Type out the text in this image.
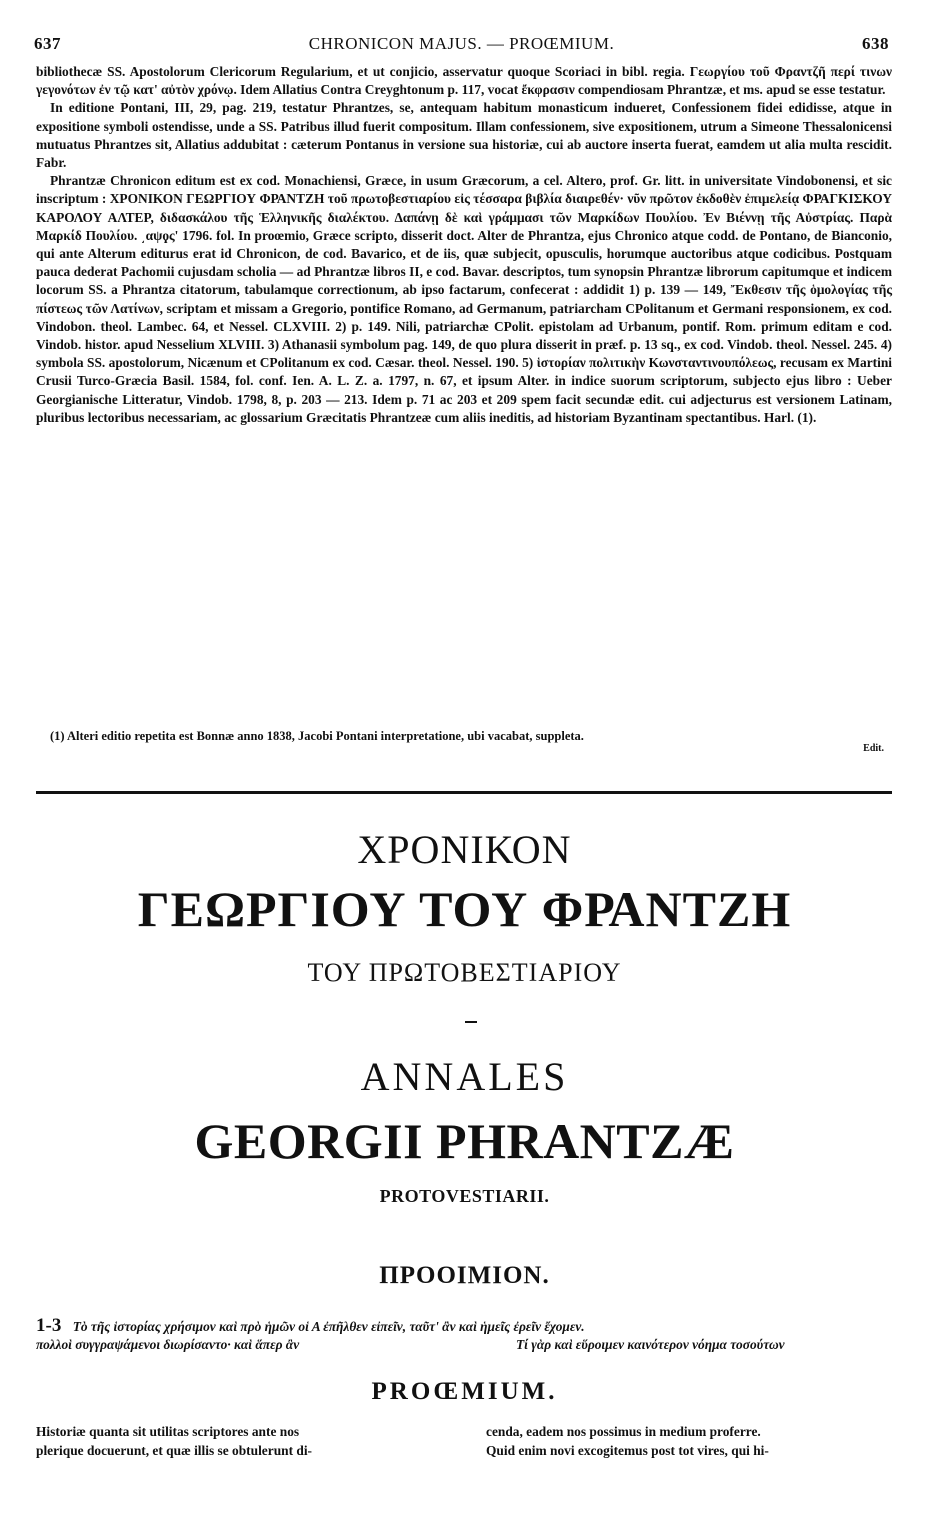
637	CHRONICON MAJUS. — PROŒMIUM.	638

bibliothecæ SS. Apostolorum Clericorum Regularium, et ut conjicio, asservatur quoque Scoriaci in bibl. regia. Γεωργίου τοῦ Φραντζῆ περί τινων γεγονότων ἐν τῷ κατ' αὐτὸν χρόνῳ. Idem Allatius Contra Creyghtonum p. 117, vocat ἔκφρασιν compendiosam Phrantzæ, et ms. apud se esse testatur.

In editione Pontani, III, 29, pag. 219, testatur Phrantzes, se, antequam habitum monasticum indueret, Confessionem fidei edidisse, atque in expositione symboli ostendisse, unde a SS. Patribus illud fuerit compositum. Illam confessionem, sive expositionem, utrum a Simeone Thessalonicensi mutuatus Phrantzes sit, Allatius addubitat : cæterum Pontanus in versione sua historiæ, cui ab auctore inserta fuerat, eamdem ut alia multa rescidit. Fabr.

Phrantzæ Chronicon editum est ex cod. Monachiensi, Græce, in usum Græcorum, a cel. Altero, prof. Gr. litt. in universitate Vindobonensi, et sic inscriptum : ΧΡΟΝΙΚΟΝ ΓΕΩΡΓΙΟΥ ΦΡΑΝΤΖΗ τοῦ πρωτοβεστιαρίου εἰς τέσσαρα βιβλία διαιρεθέν· νῦν πρῶτον ἐκδοθὲν ἐπιμελείᾳ ΦΡΑΓΚΙΣΚΟΥ ΚΑΡΟΛΟΥ ΑΛΤΕΡ, διδασκάλου τῆς Ἑλληνικῆς διαλέκτου. Δαπάνῃ δὲ καὶ γράμμασι τῶν Μαρκίδων Πουλίου. Ἐν Βιέννῃ τῆς Αὐστρίας. Παρὰ Μαρκίδ Πουλίου. ͵αψϙς' 1796. fol. In proœmio, Græce scripto, disserit doct. Alter de Phrantza, ejus Chronico atque codd. de Pontano, de Bianconio, qui ante Alterum editurus erat id Chronicon, de cod. Bavarico, et de iis, quæ subjecit, opusculis, horumque auctoribus atque codicibus. Postquam pauca dederat Pachomii cujusdam scholia — ad Phrantzæ libros II, e cod. Bavar. descriptos, tum synopsin Phrantzæ librorum capitumque et indicem locorum SS. a Phrantza citatorum, tabulamque correctionum, ab ipso factarum, confecerat : addidit 1) p. 139 — 149, Ἔκθεσιν τῆς ὁμολογίας τῆς πίστεως τῶν Λατίνων, scriptam et missam a Gregorio, pontifice Romano, ad Germanum, patriarcham CPolitanum et Germani responsionem, ex cod. Vindobon. theol. Lambec. 64, et Nessel. CLXVIII. 2) p. 149. Nili, patriarchæ CPolit. epistolam ad Urbanum, pontif. Rom. primum editam e cod. Vindob. histor. apud Nesselium XLVIII. 3) Athanasii symbolum pag. 149, de quo plura disserit in præf. p. 13 sq., ex cod. Vindob. theol. Nessel. 245. 4) symbola SS. apostolorum, Nicænum et CPolitanum ex cod. Cæsar. theol. Nessel. 190. 5) ἱστορίαν πολιτικὴν Κωνσταντινουπόλεως, recusam ex Martini Crusii Turco-Græcia Basil. 1584, fol. conf. Ien. A. L. Z. a. 1797, n. 67, et ipsum Alter. in indice suorum scriptorum, subjecto ejus libro : Ueber Georgianische Litteratur, Vindob. 1798, 8, p. 203 — 213. Idem p. 71 ac 203 et 209 spem facit secundæ edit. cui adjecturus est versionem Latinam, pluribus lectoribus necessariam, ac glossarium Græcitatis Phrantzeæ cum aliis ineditis, ad historiam Byzantinam spectantibus. Harl. (1).

(1) Alteri editio repetita est Bonnæ anno 1838, Jacobi Pontani interpretatione, ubi vacabat, suppleta.

Edit.
ΧΡΟΝΙΚΟΝ
ΓΕΩΡΓΙΟΥ ΤΟΥ ΦΡΑΝΤΖΗ
ΤΟΥ ΠΡΩΤΟΒΕΣΤΙΑΡΙΟΥ
ANNALES
GEORGII PHRANTZÆ
PROTOVESTIARII.
ΠΡΟΟΙΜΙΟΝ.
1-3 Τὸ τῆς ἱστορίας χρήσιμον καὶ πρὸ ἡμῶν οἱ Α ἐπῆλθεν εἰπεῖν, ταῦτ' ἂν καὶ ἡμεῖς ἐρεῖν ἔχομεν.
πολλοὶ συγγραψάμενοι διωρίσαντο· καὶ ἅπερ ἂν	Τί γὰρ καὶ εὕροιμεν καινότερον νόημα τοσούτων
PROŒMIUM.
Historiæ quanta sit utilitas scriptores ante nos
plerique docuerunt, et quæ illis se obtulerunt di-
cenda, eadem nos possimus in medium proferre.
Quid enim novi excogitemus post tot vires, qui hi-
